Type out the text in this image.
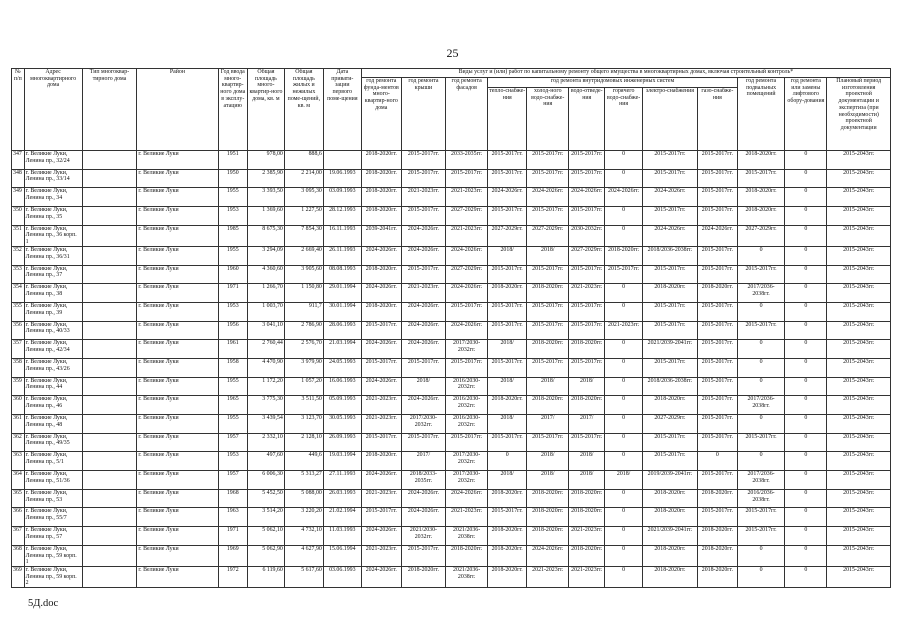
25
№ п/п	Адрес многоквартирного дома	Тип многоквар-тирного дома	Район	Год ввода много-квартир-ного дома в эксплу-атацию	Общая площадь много-квартир-ного дома, кв. м	Общая площадь жилых и нежилых поме-щений, кв. м	Дата привати-зации первого поме-щения	Виды услуг и (или) работ по капитальному ремонту общего имущества в многоквартирных домах, включая строительный контроль*											
								год ремонта фунда-ментов много-квартир-ного дома	год ремонта крыши	год ремонта фасадов	год ремонта внутридомовых инженерных систем						год ремонта подвальных помещений	год ремонта или замены лифтового обору-дования	Плановый период изготовления проектной документации и экспертиза (при необходимости) проектной документации
											тепло-снабже-ния	холод-ного водо-снабже-ния	водо-отведе-ния	горячего водо-снабже-ния	электро-снабжения	газо-снабже-ния			
347	г. Великие Луки, Ленина пр., 32/24		г. Великие Луки	1951	978,00	888,6		2018-2020гг.	2015-2017гг.	2033-2035гг.	2015-2017гг.	2015-2017гг.	2015-2017гг.	0	2015-2017гг.	2015-2017гг.	2018-2020гг.	0	2015-2043гг.
348	г. Великие Луки, Ленина пр., 33/14		г. Великие Луки	1950	2 385,90	2 214,00	19.06.1993	2018-2020гг.	2015-2017гг.	2015-2017гг.	2015-2017гг.	2015-2017гг.	2015-2017гг.	0	2015-2017гг.	2015-2017гг.	2015-2017гг.	0	2015-2043гг.
349	г. Великие Луки, Ленина пр., 34		г. Великие Луки	1955	3 393,50	3 095,30	03.09.1993	2018-2020гг.	2021-2023гг.	2021-2023гг.	2024-2026гг.	2024-2026гг.	2024-2026гг.	2024-2026гг.	2024-2026гг.	2015-2017гг.	2018-2020гг.	0	2015-2043гг.
350	г. Великие Луки, Ленина пр., 35		г. Великие Луки	1953	1 369,60	1 227,50	28.12.1993	2018-2020гг.	2015-2017гг.	2027-2029гг.	2015-2017гг.	2015-2017гг.	2015-2017гг.	0	2015-2017гг.	2015-2017гг.	2018-2020гг.	0	2015-2043гг.
351	г. Великие Луки, Ленина пр., 36 корп. 1		г. Великие Луки	1985	8 675,30	7 854,30	16.11.1993	2039-2041гг.	2024-2026гг.	2021-2023гг.	2027-2029гг.	2027-2029гг.	2030-2032гг.	0	2024-2026гг.	2024-2026гг.	2027-2029гг.	0	2015-2043гг.
352	г. Великие Луки, Ленина пр., 36/31		г. Великие Луки	1955	3 294,09	2 669,40	26.11.1993	2024-2026гг.	2024-2026гг.	2024-2026гг.	2018/	2018/	2027-2029гг.	2018-2020гг.	2018/2036-2038гг.	2015-2017гг.	0	0	2015-2043гг.
353	г. Великие Луки, Ленина пр., 37		г. Великие Луки	1960	4 360,60	3 905,60	08.08.1993	2018-2020гг.	2015-2017гг.	2027-2029гг.	2015-2017гг.	2015-2017гг.	2015-2017гг.	2015-2017гг.	2015-2017гг.	2015-2017гг.	2015-2017гг.	0	2015-2043гг.
354	г. Великие Луки, Ленина пр., 38		г. Великие Луки	1971	1 266,70	1 150,80	29.01.1994	2024-2026гг.	2021-2023гг.	2024-2026гг.	2018-2020гг.	2018-2020гг.	2021-2023гг.	0	2018-2020гг.	2018-2020гг.	2017/2036-2038гг.	0	2015-2043гг.
355	г. Великие Луки, Ленина пр., 39		г. Великие Луки	1953	1 003,70	911,7	30.01.1994	2018-2020гг.	2024-2026гг.	2015-2017гг.	2015-2017гг.	2015-2017гг.	2015-2017гг.	0	2015-2017гг.	2015-2017гг.	0	0	2015-2043гг.
356	г. Великие Луки, Ленина пр., 40/33		г. Великие Луки	1956	3 041,10	2 786,90	28.06.1993	2015-2017гг.	2024-2026гг.	2024-2026гг.	2015-2017гг.	2015-2017гг.	2015-2017гг.	2021-2023гг.	2015-2017гг.	2015-2017гг.	2015-2017гг.	0	2015-2043гг.
357	г. Великие Луки, Ленина пр., 42/34		г. Великие Луки	1961	2 760,44	2 576,70	21.03.1994	2024-2026гг.	2024-2026гг.	2017/2030-2032гг.	2018/	2018-2020гг.	2018-2020гг.	0	2021/2039-2041гг.	2015-2017гг.	0	0	2015-2043гг.
358	г. Великие Луки, Ленина пр., 43/26		г. Великие Луки	1958	4 470,90	3 979,90	24.05.1993	2015-2017гг.	2015-2017гг.	2015-2017гг.	2015-2017гг.	2015-2017гг.	2015-2017гг.	0	2015-2017гг.	2015-2017гг.	0	0	2015-2043гг.
359	г. Великие Луки, Ленина пр., 44		г. Великие Луки	1955	1 172,20	1 057,20	16.06.1993	2024-2026гг.	2018/	2016/2030-2032гг.	2018/	2018/	2018/	0	2018/2036-2038гг.	2015-2017гг.	0	0	2015-2043гг.
360	г. Великие Луки, Ленина пр., 46		г. Великие Луки	1965	3 775,30	3 511,50	05.09.1993	2021-2023гг.	2024-2026гг.	2016/2030-2032гг.	2018-2020гг.	2018-2020гг.	2018-2020гг.	0	2018-2020гг.	2015-2017гг.	2017/2036-2038гг.	0	2015-2043гг.
361	г. Великие Луки, Ленина пр., 48		г. Великие Луки	1955	3 439,54	3 123,70	30.05.1993	2021-2023гг.	2017/2030-2032гг.	2016/2030-2032гг.	2018/	2017/	2017/	0	2027-2029гг.	2015-2017гг.	0	0	2015-2043гг.
362	г. Великие Луки, Ленина пр., 49/35		г. Великие Луки	1957	2 332,10	2 128,10	26.09.1993	2015-2017гг.	2015-2017гг.	2015-2017гг.	2015-2017гг.	2015-2017гг.	2015-2017гг.	0	2015-2017гг.	2015-2017гг.	2015-2017гг.	0	2015-2043гг.
363	г. Великие Луки, Ленина пр., 5/1		г. Великие Луки	1953	497,60	449,6	19.03.1994	2018-2020гг.	2017/	2017/2030-2032гг.	0	2018/	2018/	0	2015-2017гг.	0	0	0	2015-2043гг.
364	г. Великие Луки, Ленина пр., 51/36		г. Великие Луки	1957	6 006,30	5 313,27	27.11.1993	2024-2026гг.	2018/2033-2035гг.	2017/2030-2032гг.	2018/	2018/	2018/	2018/	2019/2039-2041гг.	2015-2017гг.	2017/2036-2038гг.	0	2015-2043гг.
365	г. Великие Луки, Ленина пр., 53		г. Великие Луки	1968	5 452,50	5 088,00	26.03.1993	2021-2023гг.	2024-2026гг.	2024-2026гг.	2018-2020гг.	2018-2020гг.	2018-2020гг.	0	2018-2020гг.	2018-2020гг.	2016/2036-2038гг.	0	2015-2043гг.
366	г. Великие Луки, Ленина пр., 55/7		г. Великие Луки	1963	3 514,20	3 220,20	21.02.1994	2015-2017гг.	2024-2026гг.	2021-2023гг.	2015-2017гг.	2018-2020гг.	2018-2020гг.	0	2018-2020гг.	2015-2017гг.	2015-2017гг.	0	2015-2043гг.
367	г. Великие Луки, Ленина пр., 57		г. Великие Луки	1971	5 062,10	4 732,10	11.03.1993	2024-2026гг.	2021/2030-2032гг.	2021/2036-2038гг.	2018-2020гг.	2018-2020гг.	2021-2023гг.	0	2021/2039-2041гг.	2018-2020гг.	2015-2017гг.	0	2015-2043гг.
368	г. Великие Луки, Ленина пр., 59 корп. 1		г. Великие Луки	1969	5 062,90	4 627,90	15.06.1994	2021-2023гг.	2015-2017гг.	2018-2020гг.	2018-2020гг.	2024-2026гг.	2018-2020гг.	0	2018-2020гг.	2018-2020гг.	0	0	2015-2043гг.
369	г. Великие Луки, Ленина пр., 59 корп. 2		г. Великие Луки	1972	6 119,60	5 617,60	03.06.1993	2024-2026гг.	2018-2020гг.	2021/2036-2038гг.	2018-2020гг.	2021-2023гг.	2021-2023гг.	0	2018-2020гг.	2018-2020гг.	0	0	2015-2043гг.
5Д.doc
